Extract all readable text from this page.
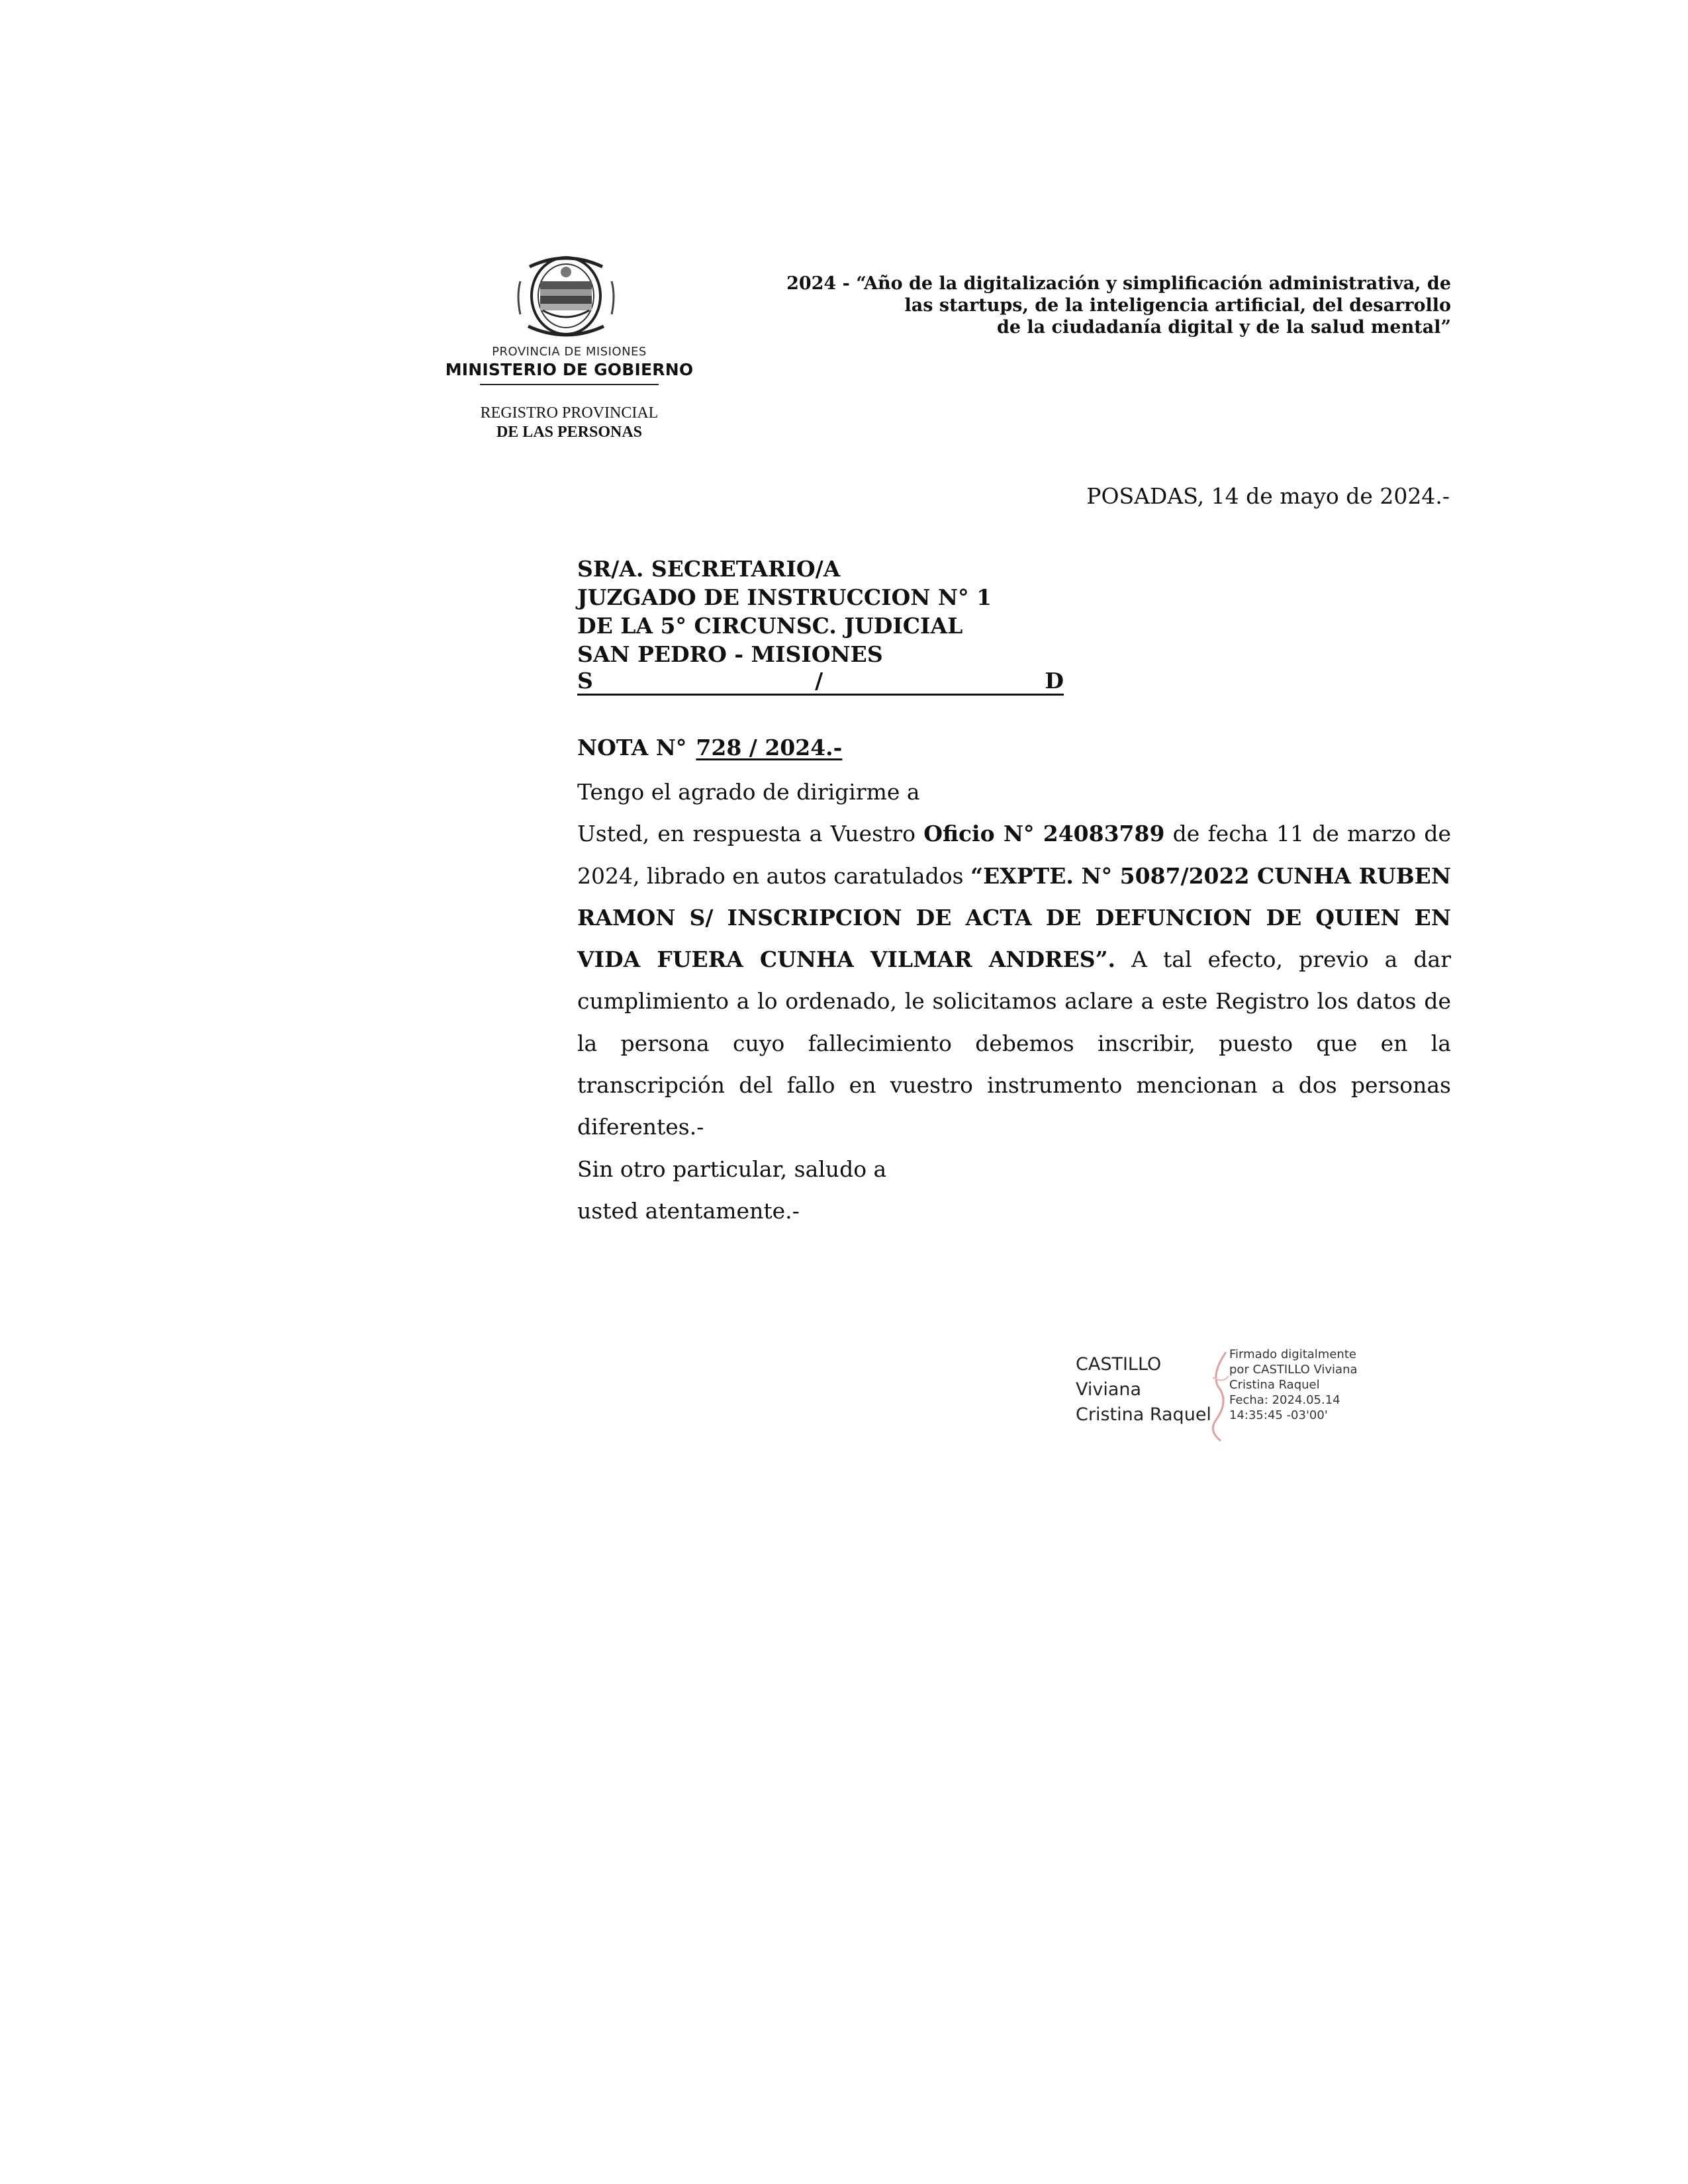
PROVINCIA DE MISIONES
MINISTERIO DE GOBIERNO
REGISTRO PROVINCIAL
DE LAS PERSONAS
2024 - “Año de la digitalización y simplificación administrativa, de
las startups, de la inteligencia artificial, del desarrollo
de la ciudadanía digital y de la salud mental”
POSADAS, 14 de mayo de 2024.-
SR/A. SECRETARIO/A
JUZGADO DE INSTRUCCION N° 1
DE LA 5° CIRCUNSC. JUDICIAL
SAN PEDRO - MISIONES
S	/	D
NOTA N° 728 / 2024.-

Tengo el agrado de dirigirme a

Usted, en respuesta a Vuestro Oficio N° 24083789 de fecha 11 de marzo de 2024, librado en autos caratulados “EXPTE. N° 5087/2022 CUNHA RUBEN RAMON S/ INSCRIPCION DE ACTA DE DEFUNCION DE QUIEN EN VIDA FUERA CUNHA VILMAR ANDRES”. A tal efecto, previo a dar cumplimiento a lo ordenado, le solicitamos aclare a este Registro los datos de la persona cuyo fallecimiento debemos inscribir, puesto que en la transcripción del fallo en vuestro instrumento mencionan a dos personas diferentes.-

Sin otro particular, saludo a

usted atentamente.-

CASTILLO
Viviana
Cristina Raquel
Firmado digitalmente
por CASTILLO Viviana
Cristina Raquel
Fecha: 2024.05.14
14:35:45 -03'00'
